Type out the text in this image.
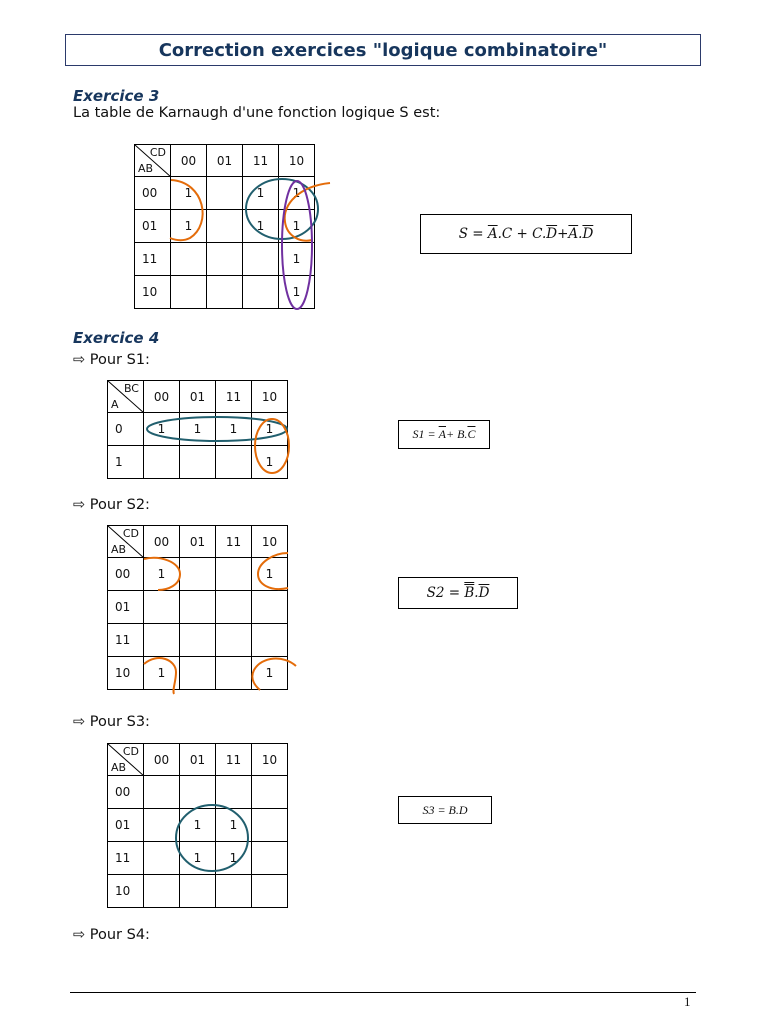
Correction exercices "logique combinatoire"
Exercice 3
La table de Karnaugh d'une fonction logique S est:
CD
AB	00	01	11	10
00	1		1	1
01	1		1	1
11				1
10				1
S =
$\overline{A}$ .C + C. $\overline{D} + \overline{A}$ . $\overline{D}$
Exercice 4
⇨ Pour S1:
BC
A	00	01	11	10
0	1	1	1	1
1				1
S1 =
$\overline{A} + B$. $\overline{C}$
⇨ Pour S2:
CD
AB	00	01	11	10
00	1			1
01				
11				
10	1			1
S2 =
B . $\overline{D}$
⇨ Pour S3:
CD
AB	00	01	11	10
00				
01		1	1	
11		1	1	
10				
S3 = B.D
⇨ Pour S4:
1
